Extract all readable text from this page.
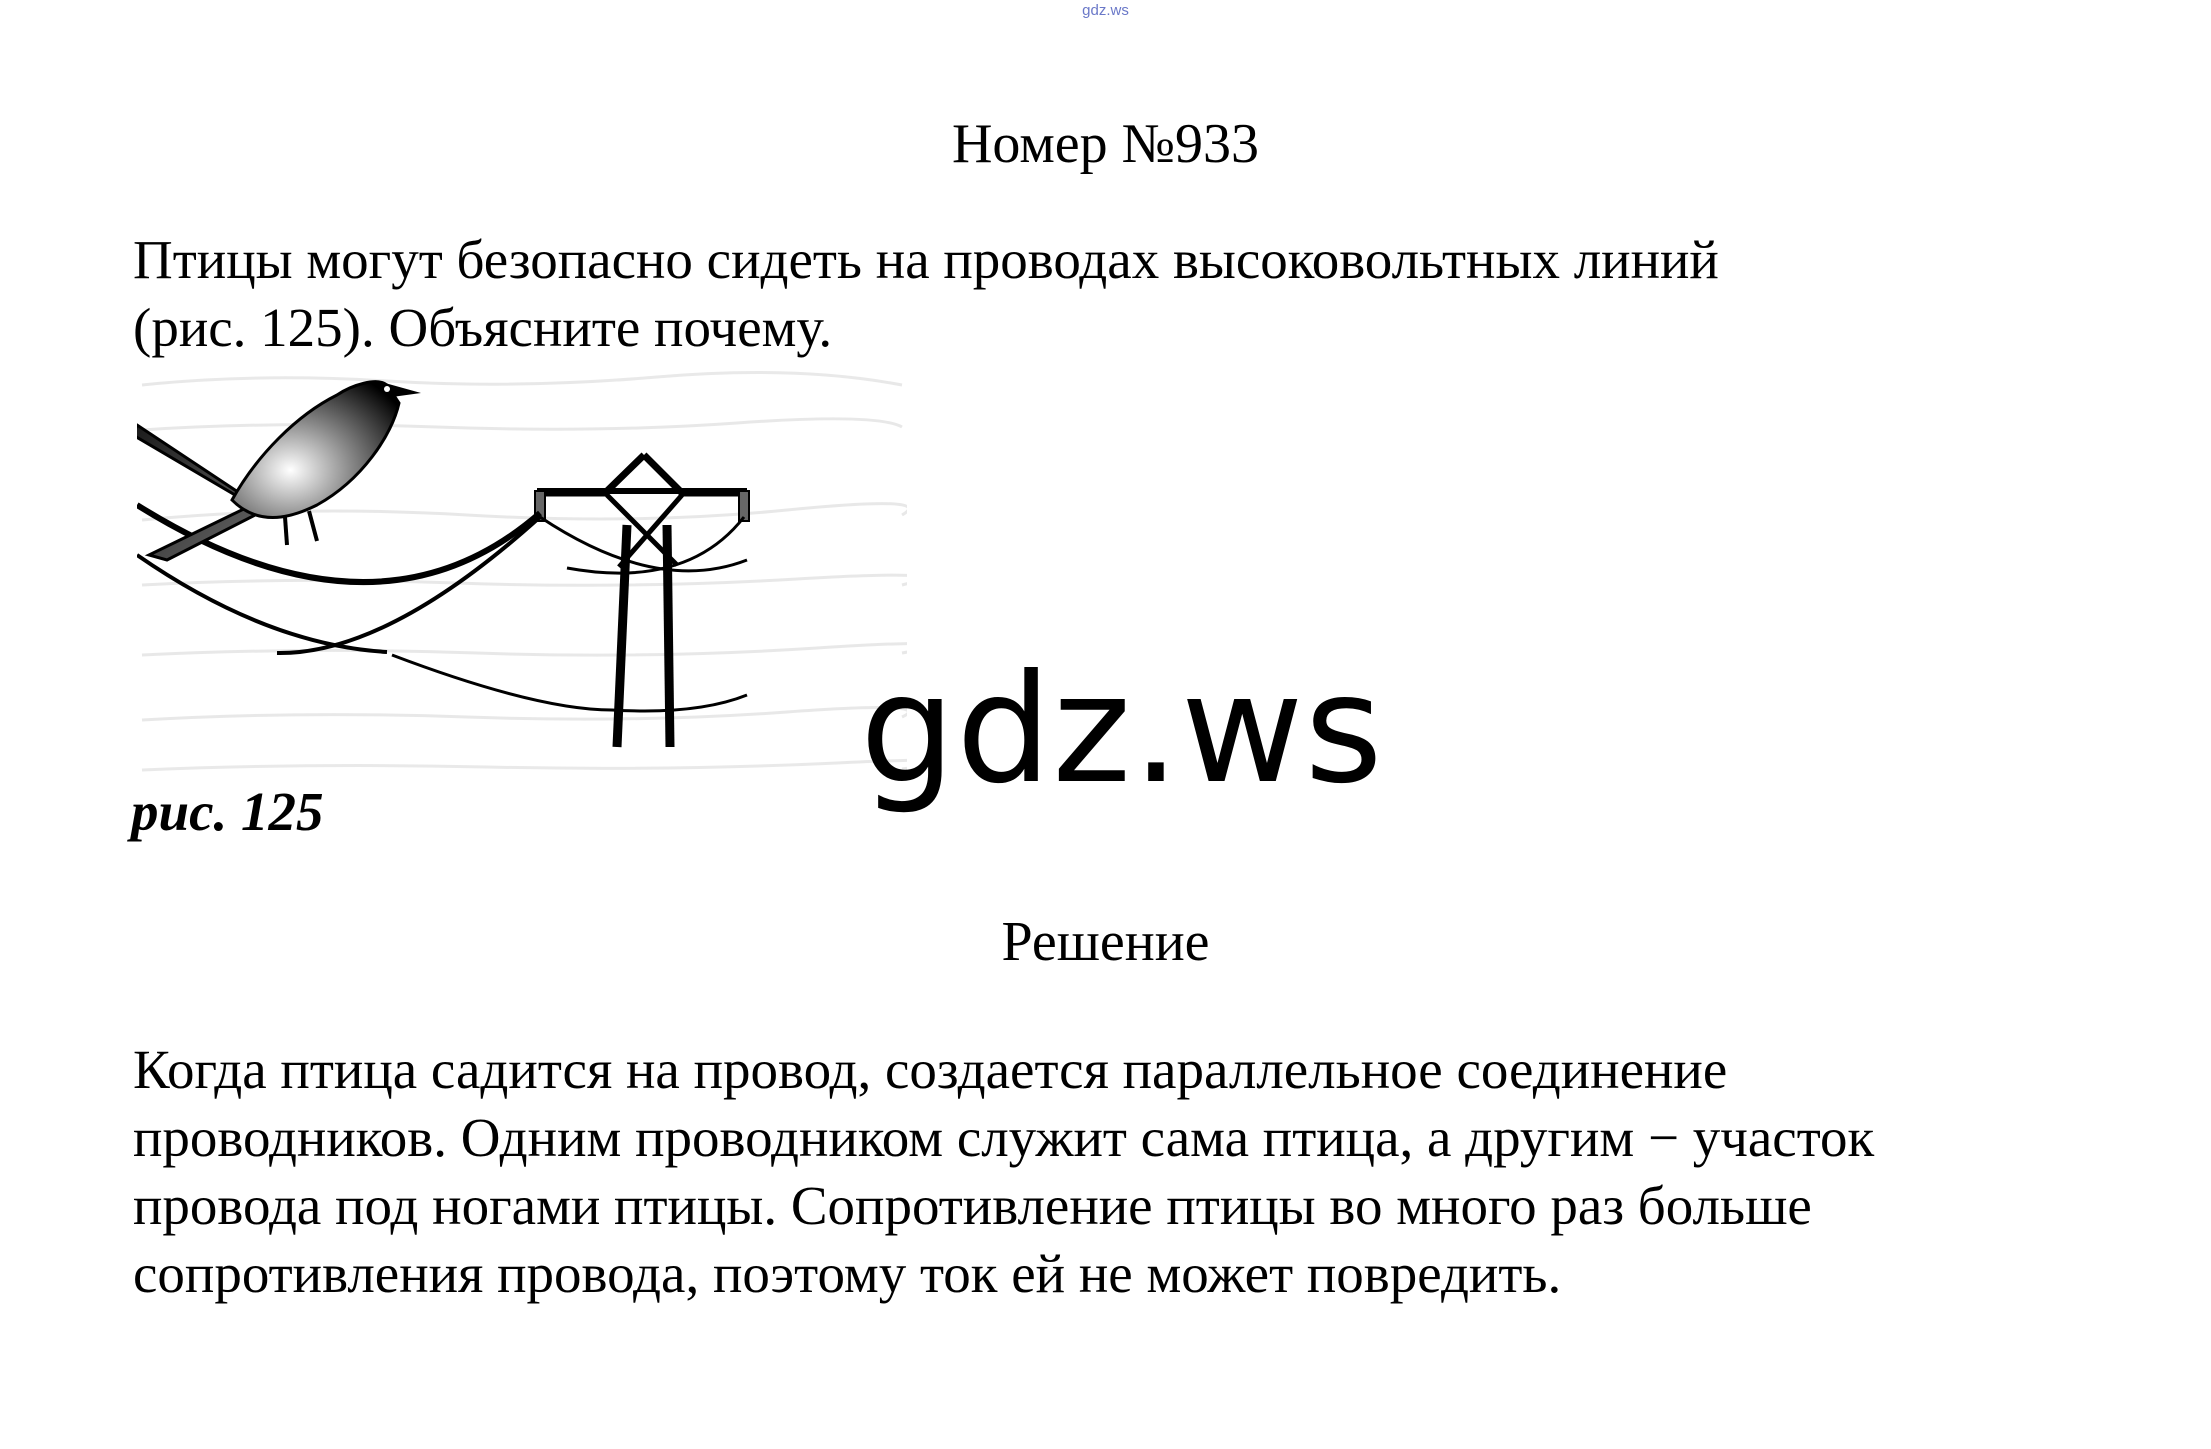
gdz.ws
Номер №933
Птицы могут безопасно сидеть на проводах высоковольтных линий
(рис. 125). Объясните почему.
рис. 125	gdz.ws
Решение
Когда птица садится на провод, создается параллельное соединение
проводников. Одним проводником служит сама птица, а другим − участок
провода под ногами птицы. Сопротивление птицы во много раз больше
сопротивления провода, поэтому ток ей не может повредить.
